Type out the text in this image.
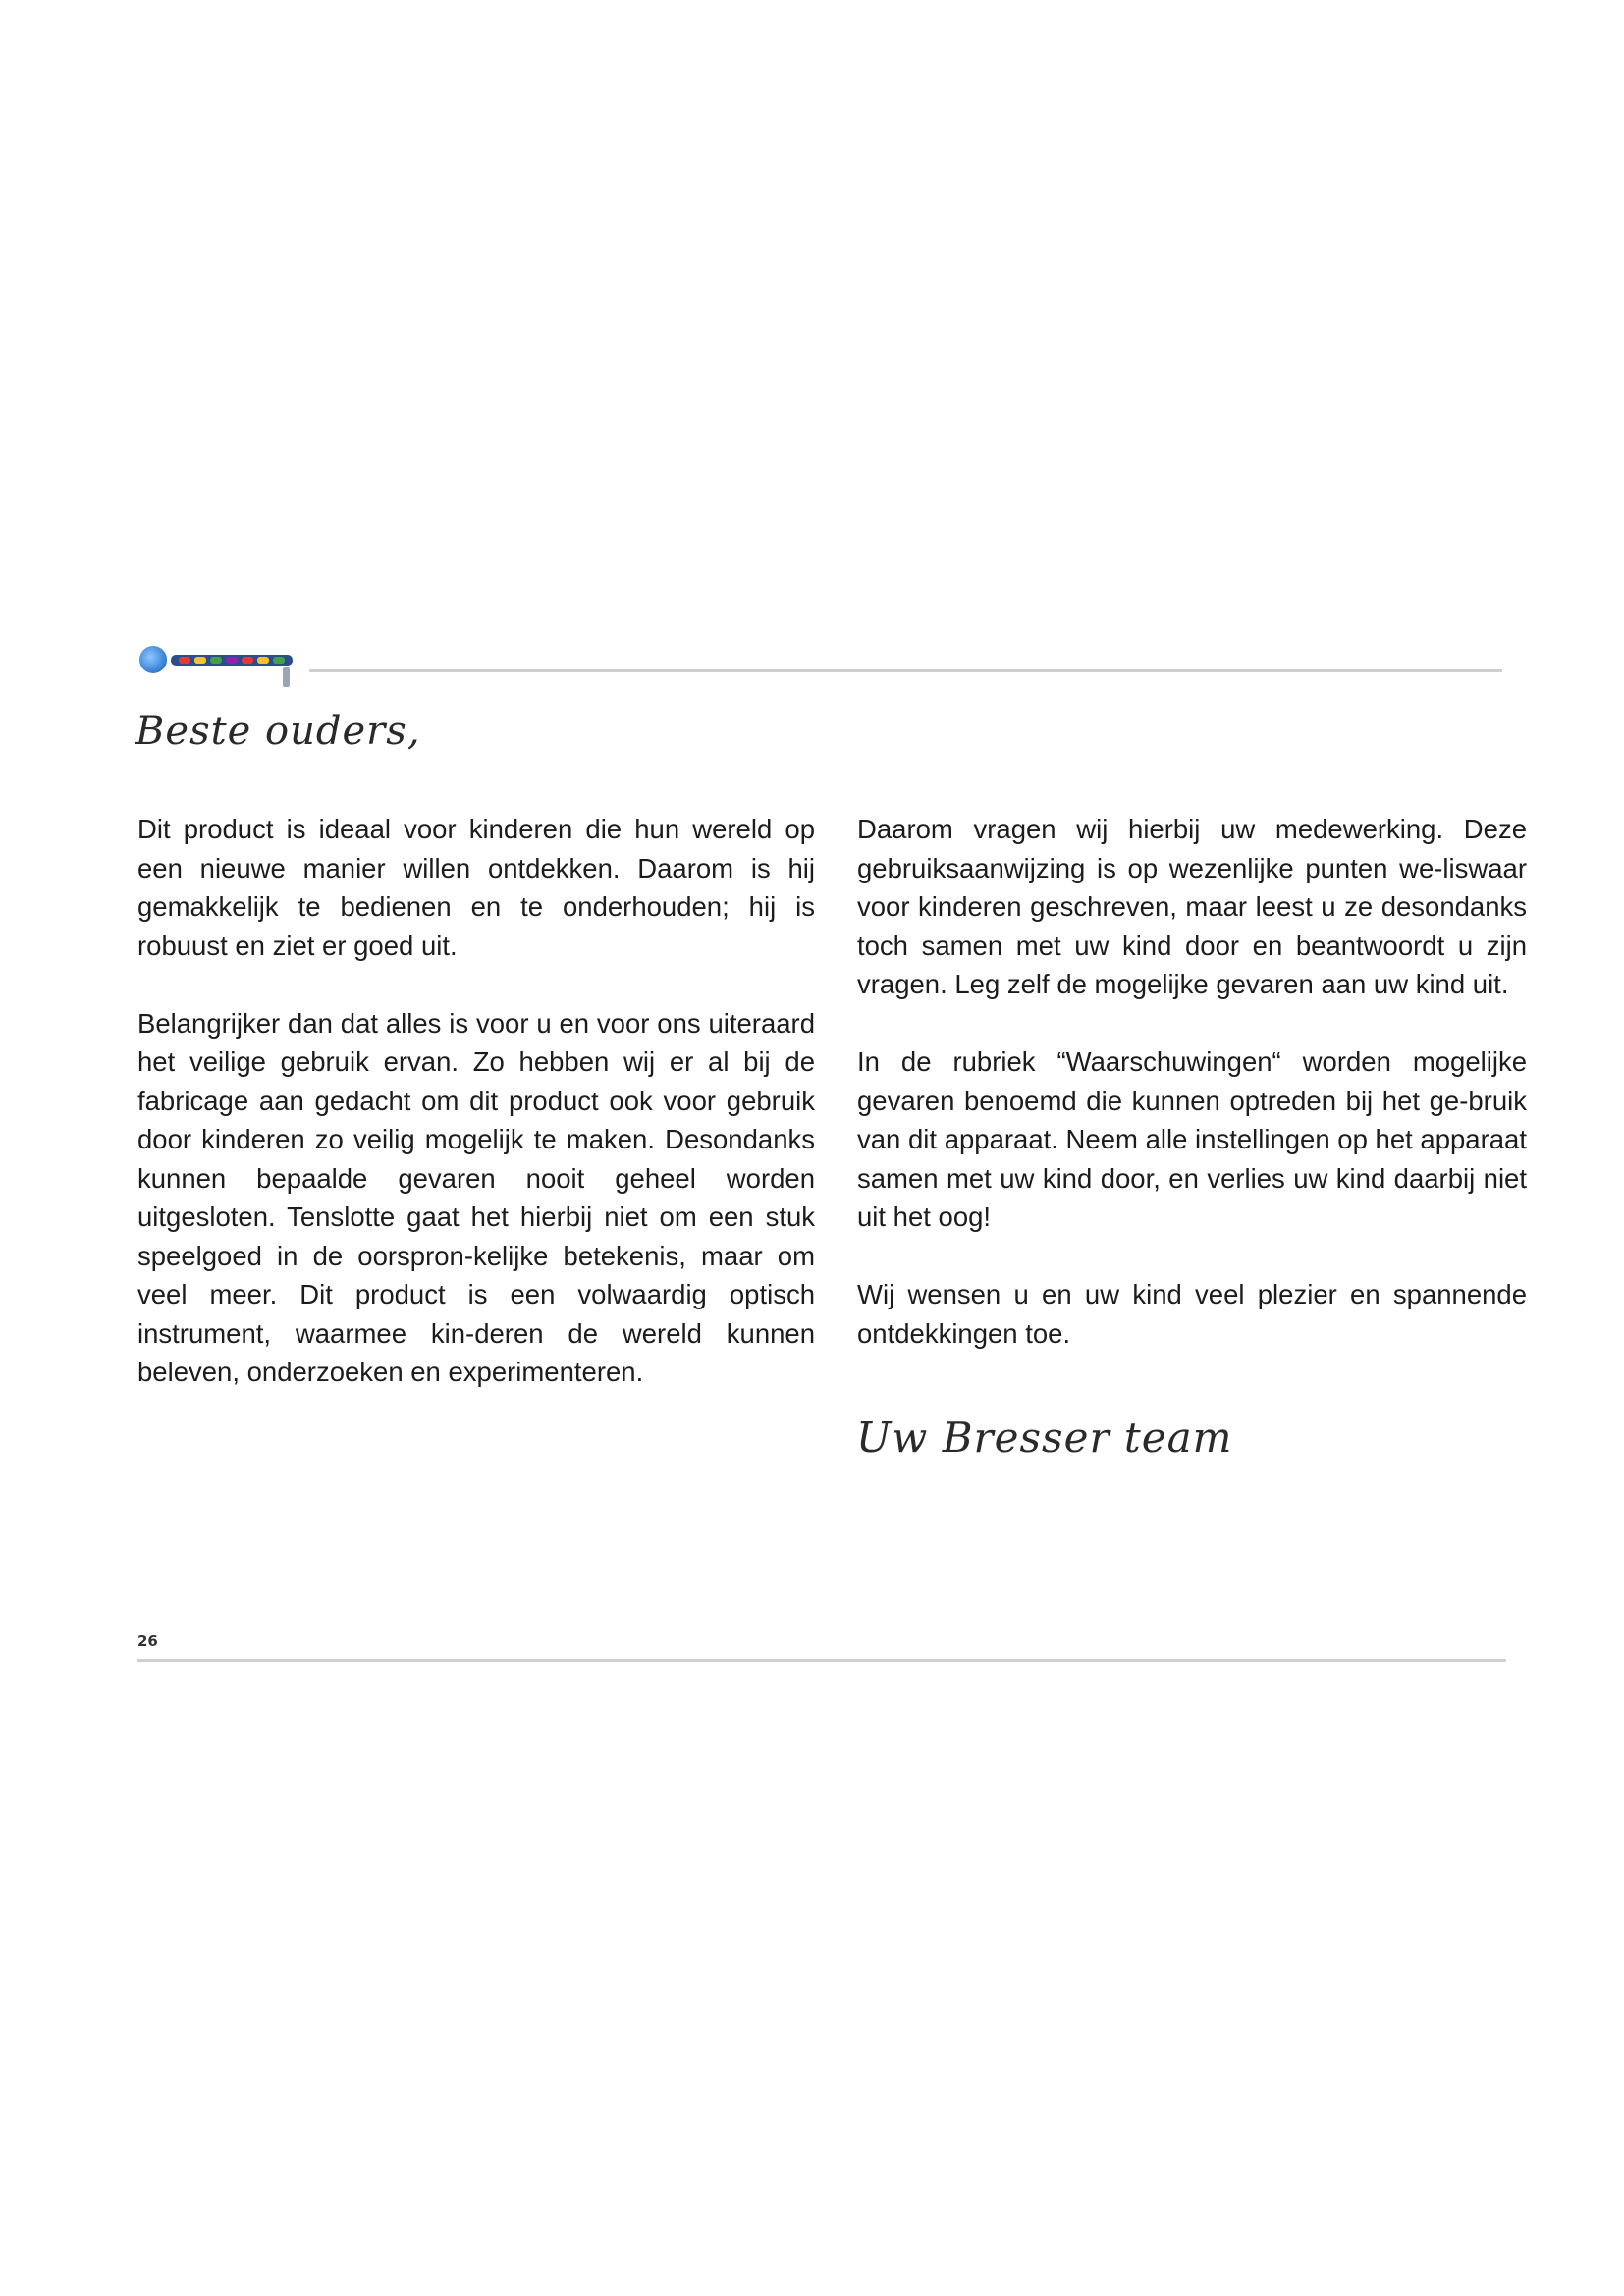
Beste ouders,

Dit product is ideaal voor kinderen die hun wereld op een nieuwe manier willen ontdekken. Daarom is hij gemakkelijk te bedienen en te onderhouden; hij is robuust en ziet er goed uit.

Belangrijker dan dat alles is voor u en voor ons uiteraard het veilige gebruik ervan. Zo hebben wij er al bij de fabricage aan gedacht om dit product ook voor gebruik door kinderen zo veilig mogelijk te maken. Desondanks kunnen bepaalde gevaren nooit geheel worden uitgesloten. Tenslotte gaat het hierbij niet om een stuk speelgoed in de oorspron-kelijke betekenis, maar om veel meer. Dit product is een volwaardig optisch instrument, waarmee kin-deren de wereld kunnen beleven, onderzoeken en experimenteren.

Daarom vragen wij hierbij uw medewerking. Deze gebruiksaanwijzing is op wezenlijke punten we-liswaar voor kinderen geschreven, maar leest u ze desondanks toch samen met uw kind door en beantwoordt u zijn vragen. Leg zelf de mogelijke gevaren aan uw kind uit.

In de rubriek “Waarschuwingen“ worden mogelijke gevaren benoemd die kunnen optreden bij het ge-bruik van dit apparaat. Neem alle instellingen op het apparaat samen met uw kind door, en verlies uw kind daarbij niet uit het oog!

Wij wensen u en uw kind veel plezier en spannende ontdekkingen toe.

Uw Bresser team
26
